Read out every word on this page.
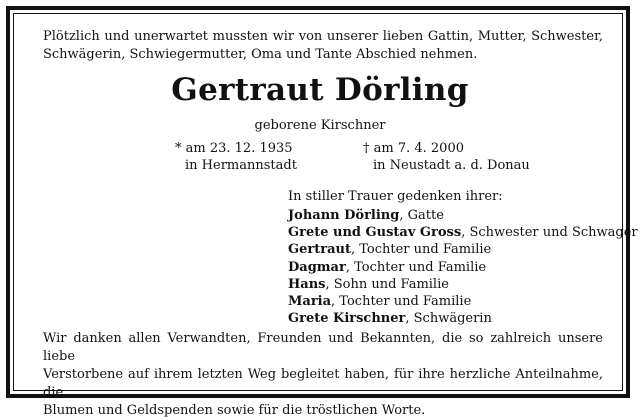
Plötzlich und unerwartet mussten wir von unserer lieben Gattin, Mutter, Schwester,
Schwägerin, Schwiegermutter, Oma und Tante Abschied nehmen.
Gertraut Dörling
geborene Kirschner
* am 23. 12. 1935
in Hermannstadt
† am 7. 4. 2000
in Neustadt a. d. Donau
In stiller Trauer gedenken ihrer:
Johann Dörling, Gatte
Grete und Gustav Gross, Schwester und Schwager
Gertraut, Tochter und Familie
Dagmar, Tochter und Familie
Hans, Sohn und Familie
Maria, Tochter und Familie
Grete Kirschner, Schwägerin
Wir danken allen Verwandten, Freunden und Bekannten, die so zahlreich unsere liebe
Verstorbene auf ihrem letzten Weg begleitet haben, für ihre herzliche Anteilnahme, die
Blumen und Geldspenden sowie für die tröstlichen Worte.
